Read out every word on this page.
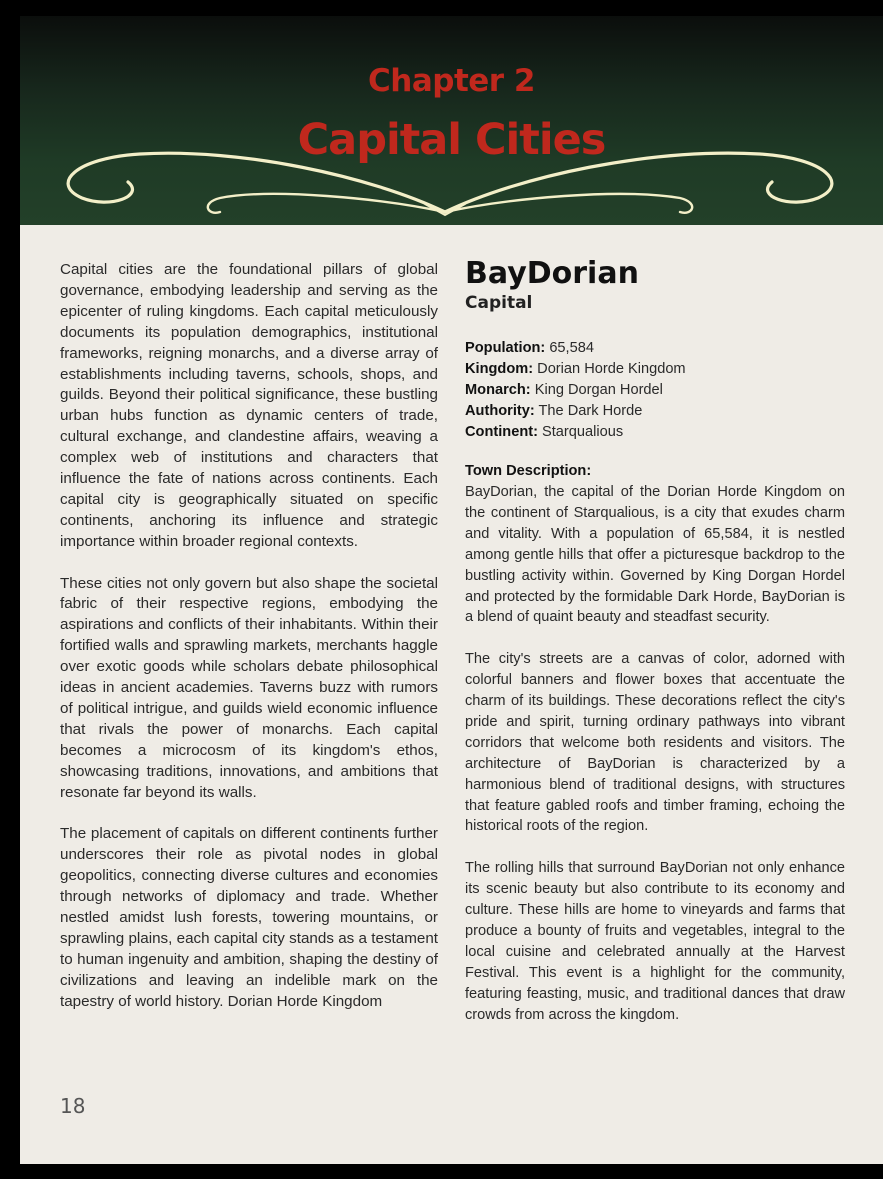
Chapter 2
Capital Cities

Capital cities are the foundational pillars of global governance, embodying leadership and serving as the epicenter of ruling kingdoms. Each capital meticulously documents its population demographics, institutional frameworks, reigning monarchs, and a diverse array of establishments including taverns, schools, shops, and guilds. Beyond their political significance, these bustling urban hubs function as dynamic centers of trade, cultural exchange, and clandestine affairs, weaving a complex web of institutions and characters that influence the fate of nations across continents. Each capital city is geographically situated on specific continents, anchoring its influence and strategic importance within broader regional contexts.

These cities not only govern but also shape the societal fabric of their respective regions, embodying the aspirations and conflicts of their inhabitants. Within their fortified walls and sprawling markets, merchants haggle over exotic goods while scholars debate philosophical ideas in ancient academies. Taverns buzz with rumors of political intrigue, and guilds wield economic influence that rivals the power of monarchs. Each capital becomes a microcosm of its kingdom's ethos, showcasing traditions, innovations, and ambitions that resonate far beyond its walls.

The placement of capitals on different continents further underscores their role as pivotal nodes in global geopolitics, connecting diverse cultures and economies through networks of diplomacy and trade. Whether nestled amidst lush forests, towering mountains, or sprawling plains, each capital city stands as a testament to human ingenuity and ambition, shaping the destiny of civilizations and leaving an indelible mark on the tapestry of world history. Dorian Horde Kingdom

BayDorian
Capital
Population: 65,584
Kingdom: Dorian Horde Kingdom
Monarch: King Dorgan Hordel
Authority: The Dark Horde
Continent: Starqualious
Town Description:

BayDorian, the capital of the Dorian Horde Kingdom on the continent of Starqualious, is a city that exudes charm and vitality. With a population of 65,584, it is nestled among gentle hills that offer a picturesque backdrop to the bustling activity within. Governed by King Dorgan Hordel and protected by the formidable Dark Horde, BayDorian is a blend of quaint beauty and steadfast security.

The city's streets are a canvas of color, adorned with colorful banners and flower boxes that accentuate the charm of its buildings. These decorations reflect the city's pride and spirit, turning ordinary pathways into vibrant corridors that welcome both residents and visitors. The architecture of BayDorian is characterized by a harmonious blend of traditional designs, with structures that feature gabled roofs and timber framing, echoing the historical roots of the region.

The rolling hills that surround BayDorian not only enhance its scenic beauty but also contribute to its economy and culture. These hills are home to vineyards and farms that produce a bounty of fruits and vegetables, integral to the local cuisine and celebrated annually at the Harvest Festival. This event is a highlight for the community, featuring feasting, music, and traditional dances that draw crowds from across the kingdom.

18
